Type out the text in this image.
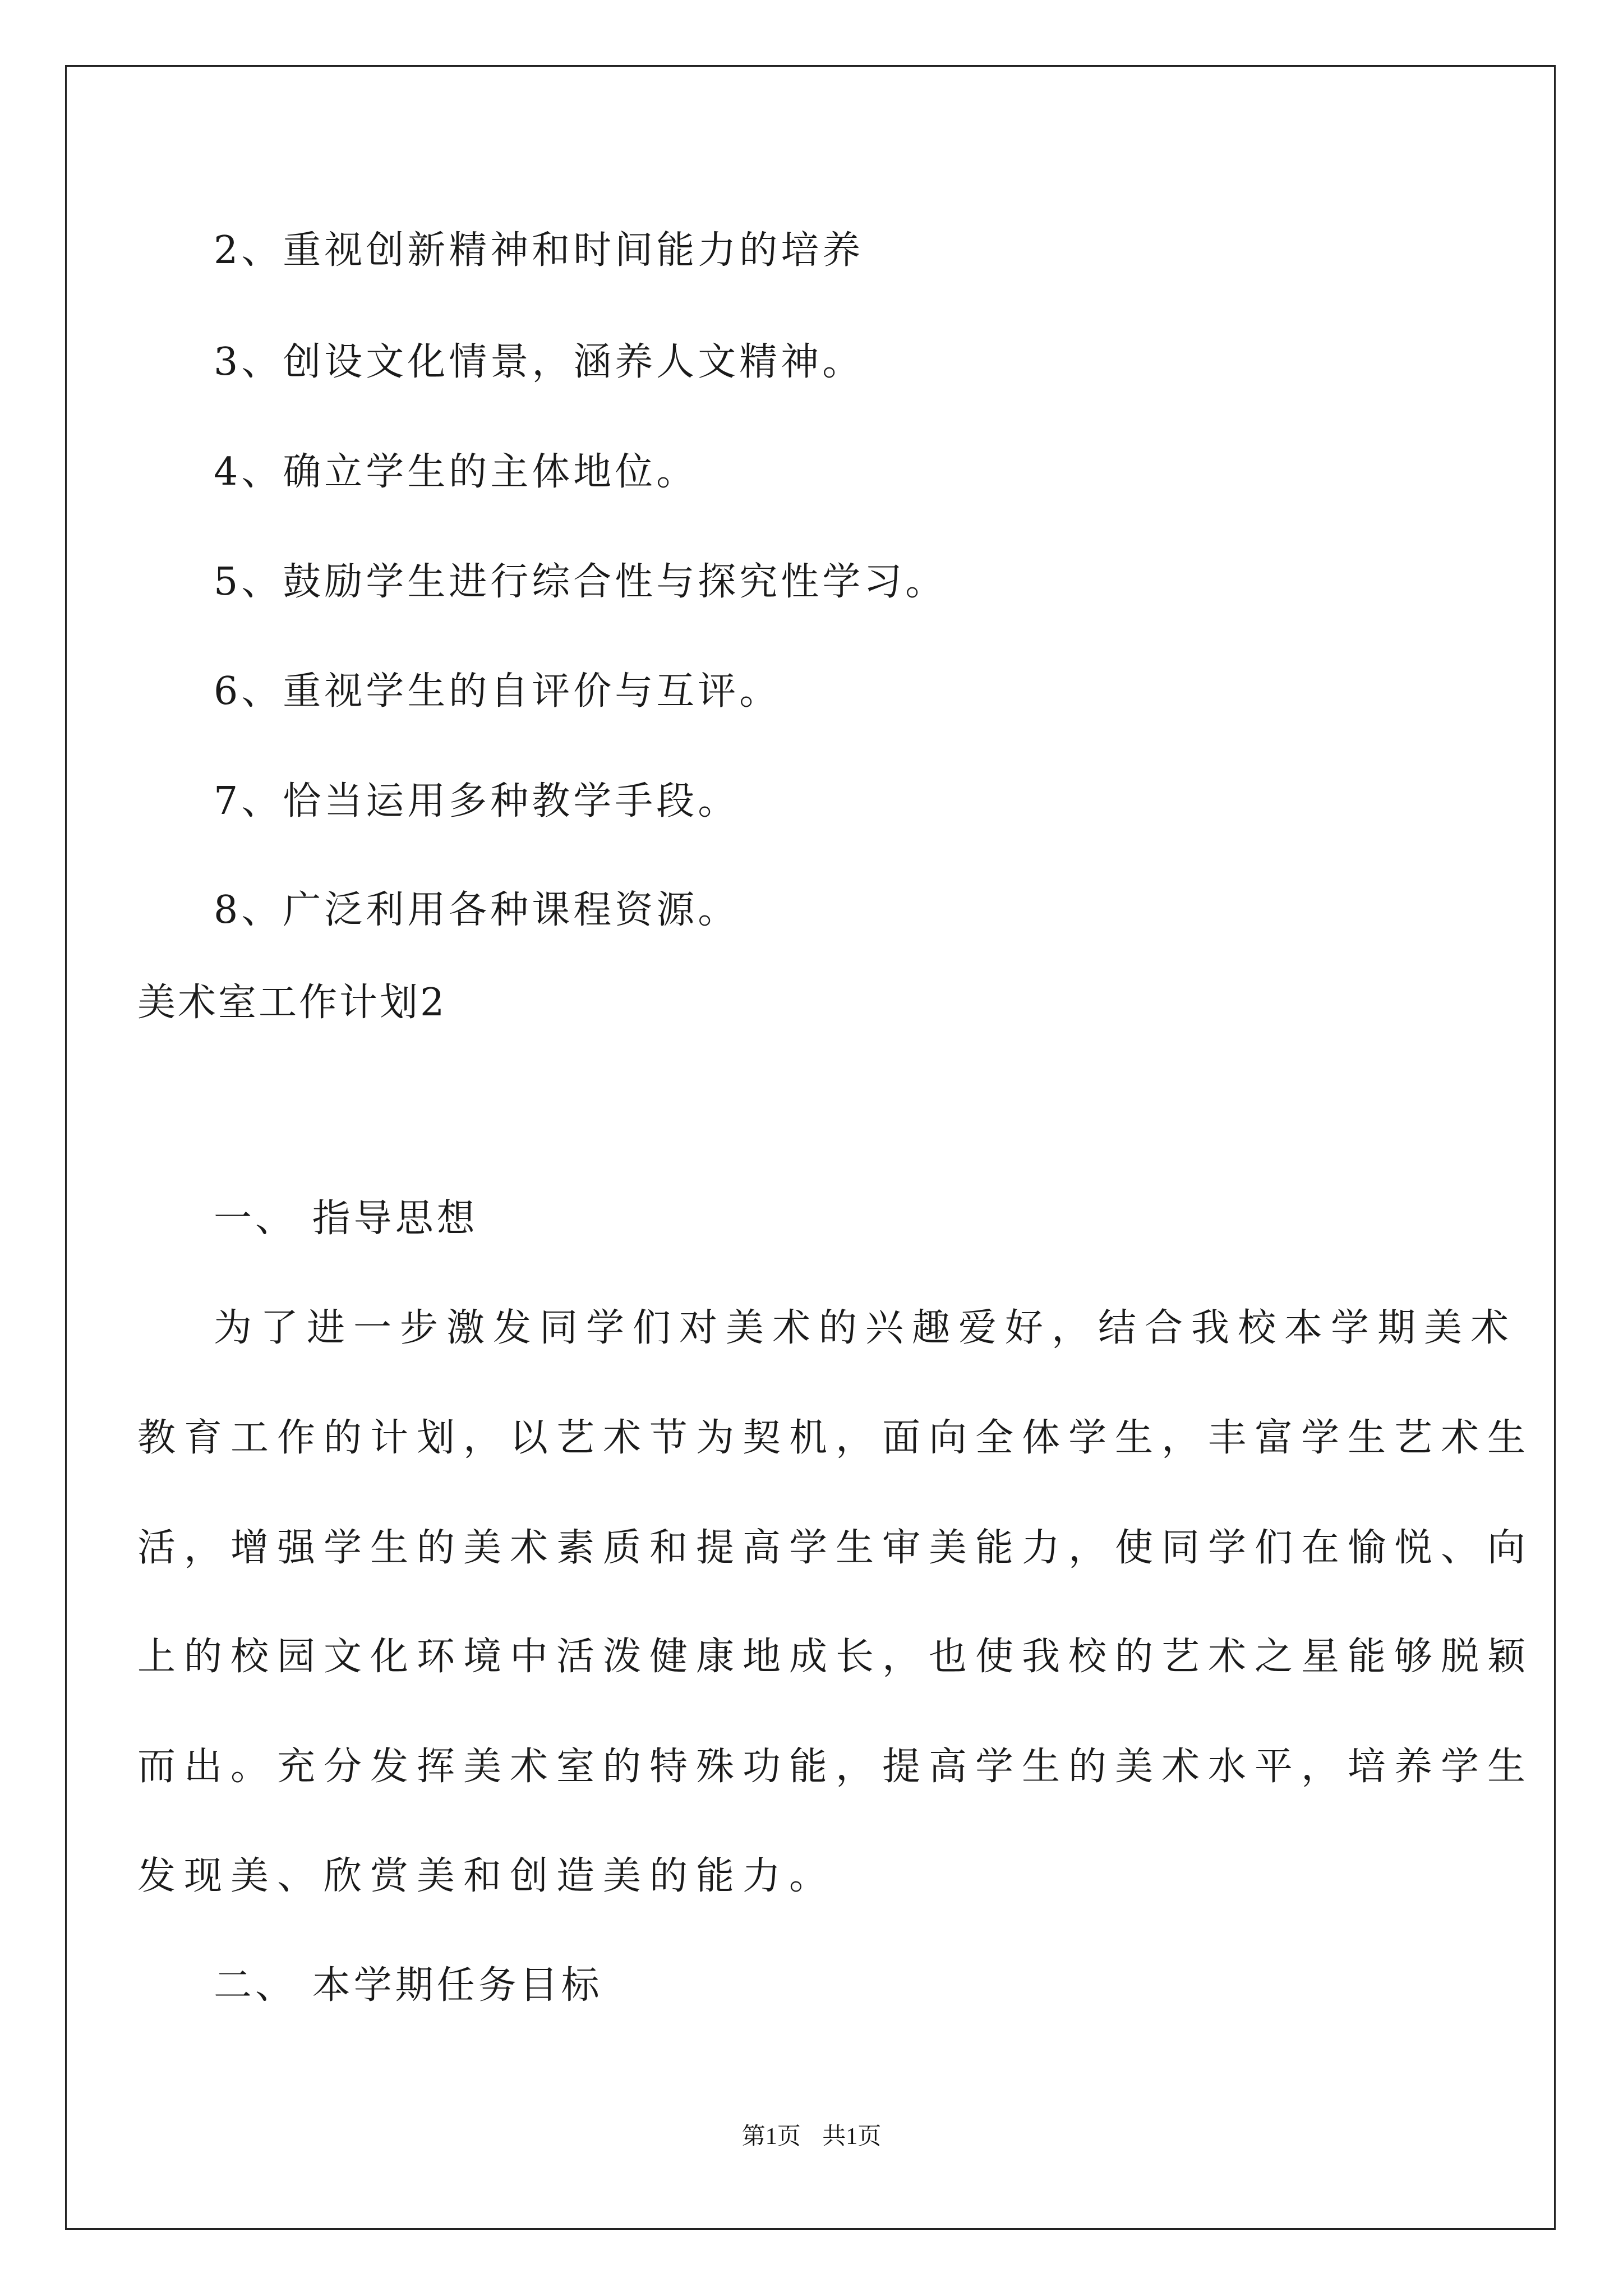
2、重视创新精神和时间能力的培养
3、创设文化情景，涵养人文精神。
4、确立学生的主体地位。
5、鼓励学生进行综合性与探究性学习。
6、重视学生的自评价与互评。
7、恰当运用多种教学手段。
8、广泛利用各种课程资源。
美术室工作计划2
一、 指导思想
为了进一步激发同学们对美术的兴趣爱好，结合我校本学期美术
教育工作的计划，以艺术节为契机，面向全体学生，丰富学生艺术生
活，增强学生的美术素质和提高学生审美能力，使同学们在愉悦、向
上的校园文化环境中活泼健康地成长，也使我校的艺术之星能够脱颖
而出。充分发挥美术室的特殊功能，提高学生的美术水平，培养学生
发现美、欣赏美和创造美的能力。
二、 本学期任务目标
第1页 共1页
